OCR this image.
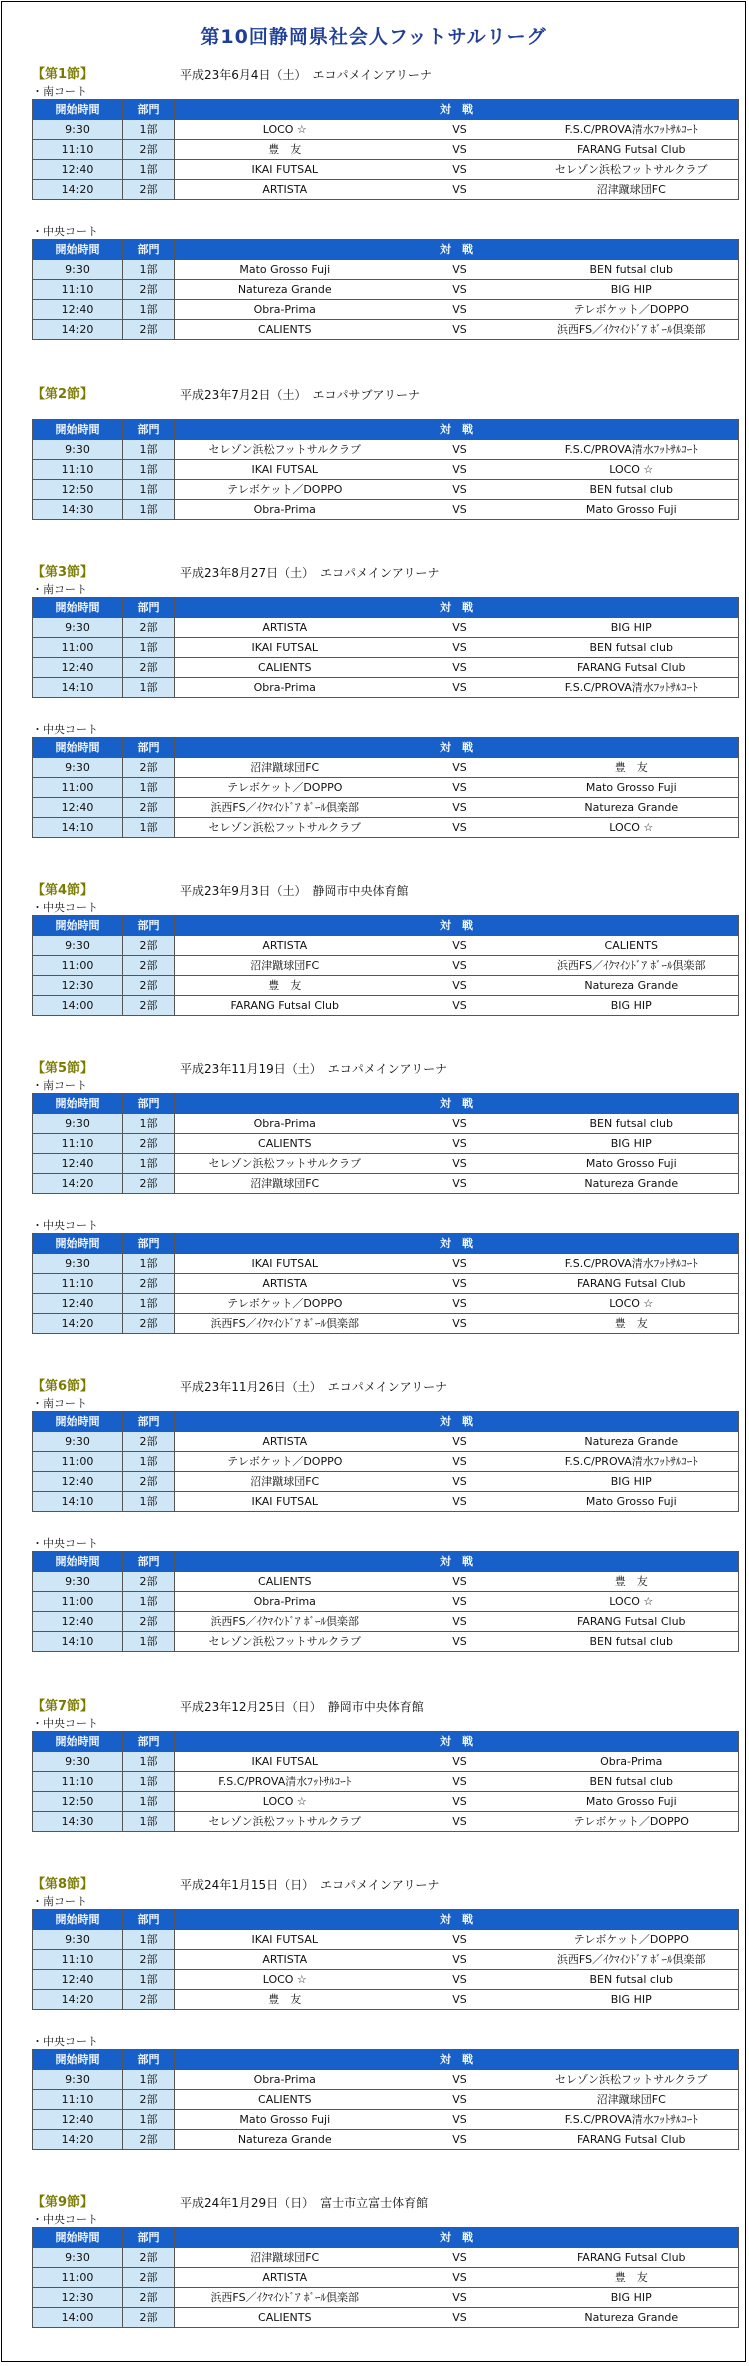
第10回静岡県社会人フットサルリーグ
【第1節】	平成23年6月4日（土）　エコパメインアリーナ
・南コート
開始時間	部門	対　戦		
9:30	1部	LOCO ☆	VS	F.S.C/PROVA清水ﾌｯﾄｻﾙｺｰﾄ
11:10	2部	豊　友	VS	FARANG Futsal Club
12:40	1部	IKAI FUTSAL	VS	セレゾン浜松フットサルクラブ
14:20	2部	ARTISTA	VS	沼津蹴球団FC
・中央コート
開始時間	部門	対　戦		
9:30	1部	Mato Grosso Fuji	VS	BEN futsal club
11:10	2部	Natureza Grande	VS	BIG HIP
12:40	1部	Obra-Prima	VS	テレボケット／DOPPO
14:20	2部	CALIENTS	VS	浜西FS／ｲｸﾏｲﾝﾄﾞｱ ﾎﾞｰﾙ倶楽部
【第2節】	平成23年7月2日（土）　エコパサブアリーナ
開始時間	部門	対　戦		
9:30	1部	セレゾン浜松フットサルクラブ	VS	F.S.C/PROVA清水ﾌｯﾄｻﾙｺｰﾄ
11:10	1部	IKAI FUTSAL	VS	LOCO ☆
12:50	1部	テレボケット／DOPPO	VS	BEN futsal club
14:30	1部	Obra-Prima	VS	Mato Grosso Fuji
【第3節】	平成23年8月27日（土）　エコパメインアリーナ
・南コート
開始時間	部門	対　戦		
9:30	2部	ARTISTA	VS	BIG HIP
11:00	1部	IKAI FUTSAL	VS	BEN futsal club
12:40	2部	CALIENTS	VS	FARANG Futsal Club
14:10	1部	Obra-Prima	VS	F.S.C/PROVA清水ﾌｯﾄｻﾙｺｰﾄ
・中央コート
開始時間	部門	対　戦		
9:30	2部	沼津蹴球団FC	VS	豊　友
11:00	1部	テレボケット／DOPPO	VS	Mato Grosso Fuji
12:40	2部	浜西FS／ｲｸﾏｲﾝﾄﾞｱ ﾎﾞｰﾙ倶楽部	VS	Natureza Grande
14:10	1部	セレゾン浜松フットサルクラブ	VS	LOCO ☆
【第4節】	平成23年9月3日（土）　静岡市中央体育館
・中央コート
開始時間	部門	対　戦		
9:30	2部	ARTISTA	VS	CALIENTS
11:00	2部	沼津蹴球団FC	VS	浜西FS／ｲｸﾏｲﾝﾄﾞｱ ﾎﾞｰﾙ倶楽部
12:30	2部	豊　友	VS	Natureza Grande
14:00	2部	FARANG Futsal Club	VS	BIG HIP
【第5節】	平成23年11月19日（土）　エコパメインアリーナ
・南コート
開始時間	部門	対　戦		
9:30	1部	Obra-Prima	VS	BEN futsal club
11:10	2部	CALIENTS	VS	BIG HIP
12:40	1部	セレゾン浜松フットサルクラブ	VS	Mato Grosso Fuji
14:20	2部	沼津蹴球団FC	VS	Natureza Grande
・中央コート
開始時間	部門	対　戦		
9:30	1部	IKAI FUTSAL	VS	F.S.C/PROVA清水ﾌｯﾄｻﾙｺｰﾄ
11:10	2部	ARTISTA	VS	FARANG Futsal Club
12:40	1部	テレボケット／DOPPO	VS	LOCO ☆
14:20	2部	浜西FS／ｲｸﾏｲﾝﾄﾞｱ ﾎﾞｰﾙ倶楽部	VS	豊　友
【第6節】	平成23年11月26日（土）　エコパメインアリーナ
・南コート
開始時間	部門	対　戦		
9:30	2部	ARTISTA	VS	Natureza Grande
11:00	1部	テレボケット／DOPPO	VS	F.S.C/PROVA清水ﾌｯﾄｻﾙｺｰﾄ
12:40	2部	沼津蹴球団FC	VS	BIG HIP
14:10	1部	IKAI FUTSAL	VS	Mato Grosso Fuji
・中央コート
開始時間	部門	対　戦		
9:30	2部	CALIENTS	VS	豊　友
11:00	1部	Obra-Prima	VS	LOCO ☆
12:40	2部	浜西FS／ｲｸﾏｲﾝﾄﾞｱ ﾎﾞｰﾙ倶楽部	VS	FARANG Futsal Club
14:10	1部	セレゾン浜松フットサルクラブ	VS	BEN futsal club
【第7節】	平成23年12月25日（日）　静岡市中央体育館
・中央コート
開始時間	部門	対　戦		
9:30	1部	IKAI FUTSAL	VS	Obra-Prima
11:10	1部	F.S.C/PROVA清水ﾌｯﾄｻﾙｺｰﾄ	VS	BEN futsal club
12:50	1部	LOCO ☆	VS	Mato Grosso Fuji
14:30	1部	セレゾン浜松フットサルクラブ	VS	テレボケット／DOPPO
【第8節】	平成24年1月15日（日）　エコパメインアリーナ
・南コート
開始時間	部門	対　戦		
9:30	1部	IKAI FUTSAL	VS	テレボケット／DOPPO
11:10	2部	ARTISTA	VS	浜西FS／ｲｸﾏｲﾝﾄﾞｱ ﾎﾞｰﾙ倶楽部
12:40	1部	LOCO ☆	VS	BEN futsal club
14:20	2部	豊　友	VS	BIG HIP
・中央コート
開始時間	部門	対　戦		
9:30	1部	Obra-Prima	VS	セレゾン浜松フットサルクラブ
11:10	2部	CALIENTS	VS	沼津蹴球団FC
12:40	1部	Mato Grosso Fuji	VS	F.S.C/PROVA清水ﾌｯﾄｻﾙｺｰﾄ
14:20	2部	Natureza Grande	VS	FARANG Futsal Club
【第9節】	平成24年1月29日（日）　富士市立富士体育館
・中央コート
開始時間	部門	対　戦		
9:30	2部	沼津蹴球団FC	VS	FARANG Futsal Club
11:00	2部	ARTISTA	VS	豊　友
12:30	2部	浜西FS／ｲｸﾏｲﾝﾄﾞｱ ﾎﾞｰﾙ倶楽部	VS	BIG HIP
14:00	2部	CALIENTS	VS	Natureza Grande
